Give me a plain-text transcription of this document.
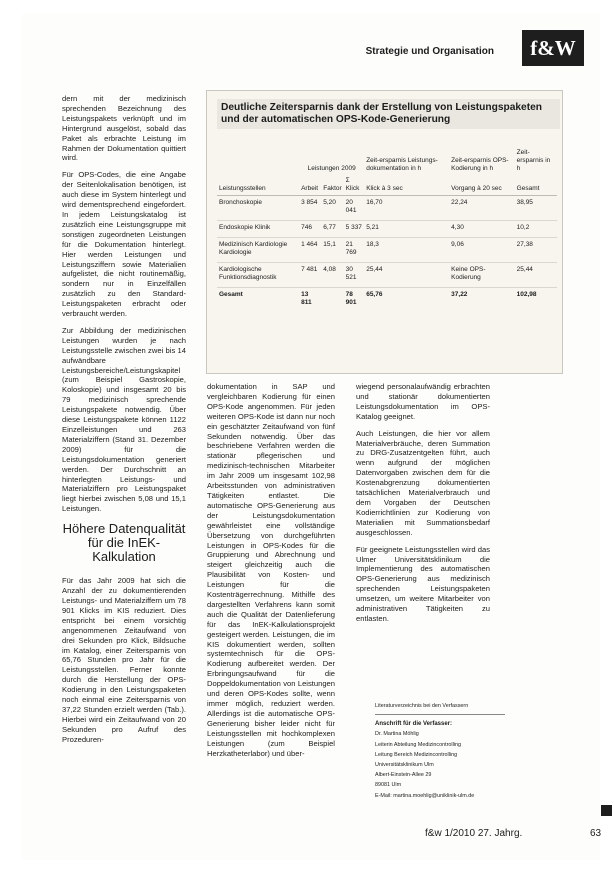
Strategie und Organisation	f&W

dern mit der medizinisch sprechenden Bezeichnung des Leistungspakets verknüpft und im Hintergrund ausgelöst, sobald das Paket als erbrachte Leistung im Rahmen der Dokumentation quittiert wird.

Für OPS-Codes, die eine Angabe der Seitenlokalisation benötigen, ist auch diese im System hinterlegt und wird dementsprechend eingefordert. In jedem Leistungskatalog ist zusätzlich eine Leistungsgruppe mit sonstigen zugeordneten Leistungen für die Dokumentation hinterlegt. Hier werden Leistungen und Leistungsziffern sowie Materialien aufgelistet, die nicht routinemäßig, sondern nur in Einzelfällen zusätzlich zu den Standard-Leistungspaketen erbracht oder verbraucht werden.

Zur Abbildung der medizinischen Leistungen wurden je nach Leistungsstelle zwischen zwei bis 14 aufwändbare Leistungsbereiche/Leistungskapitel (zum Beispiel Gastroskopie, Koloskopie) und insgesamt 20 bis 79 medizinisch sprechende Leistungspakete notwendig. Über diese Leistungspakete können 1122 Einzelleistungen und 263 Materialziffern (Stand 31. Dezember 2009) für die Leistungsdokumentation generiert werden. Der Durchschnitt an hinterlegten Leistungs- und Materialziffern pro Leistungspaket liegt hierbei zwischen 5,08 und 15,1 Leistungen.

Höhere Datenqualität für die InEK-Kalkulation

Für das Jahr 2009 hat sich die Anzahl der zu dokumentierenden Leistungs- und Materialziffern um 78 901 Klicks im KIS reduziert. Dies entspricht bei einem vorsichtig angenommenen Zeitaufwand von drei Sekunden pro Klick, Bildsuche im Katalog, einer Zeitersparnis von 65,76 Stunden pro Jahr für die Leistungsstellen. Ferner konnte durch die Herstellung der OPS-Kodierung in den Leistungspaketen noch einmal eine Zeitersparnis von 37,22 Stunden erzielt werden (Tab.). Hierbei wird ein Zeitaufwand von 20 Sekunden pro Aufruf des Prozeduren-

Deutliche Zeitersparnis dank der Erstellung von Leistungspaketen und der automatischen OPS-Kode-Generierung
	Leistungen 2009			Zeit-ersparnis Leistungs-dokumentation in h	Zeit-ersparnis OPS-Kodierung in h	Zeit-ersparnis in h
Leistungsstellen	Arbeit	Faktor	Σ Klick	Klick à 3 sec	Vorgang à 20 sec	Gesamt
Bronchoskopie	3 854	5,20	20 041	16,70	22,24	38,95
Endoskopie Klinik	746	6,77	5 337	5,21	4,30	10,2
Medizinisch Kardiologie Kardiologie	1 464	15,1	21 769	18,3	9,06	27,38
Kardiologische Funktionsdiagnostik	7 481	4,08	30 521	25,44	Keine OPS-Kodierung	25,44
Gesamt	13 811		78 901	65,76	37,22	102,98

dokumentation in SAP und vergleichbaren Kodierung für einen OPS-Kode angenommen. Für jeden weiteren OPS-Kode ist dann nur noch ein geschätzter Zeitaufwand von fünf Sekunden notwendig. Über das beschriebene Verfahren werden die stationär pflegerischen und medizinisch-technischen Mitarbeiter im Jahr 2009 um insgesamt 102,98 Arbeitsstunden von administrativen Tätigkeiten entlastet. Die automatische OPS-Generierung aus der Leistungsdokumentation gewährleistet eine vollständige Übersetzung von durchgeführten Leistungen in OPS-Kodes für die Gruppierung und Abrechnung und steigert gleichzeitig auch die Plausibilität von Kosten- und Leistungen für die Kostenträgerrechnung. Mithilfe des dargestellten Verfahrens kann somit auch die Qualität der Datenlieferung für das InEK-Kalkulationsprojekt gesteigert werden. Leistungen, die im KIS dokumentiert werden, sollten systemtechnisch für die OPS-Kodierung aufbereitet werden. Der Erbringungsaufwand für die Doppeldokumentation von Leistungen und deren OPS-Kodes sollte, wenn immer möglich, reduziert werden. Allerdings ist die automatische OPS-Generierung bisher leider nicht für Leistungsstellen mit hochkomplexen Leistungen (zum Beispiel Herzkatheterlabor) und über-

wiegend personalaufwändig erbrachten und stationär dokumentierten Leistungsdokumentation im OPS-Katalog geeignet.

Auch Leistungen, die hier vor allem Materialverbräuche, deren Summation zu DRG-Zusatzentgelten führt, auch wenn aufgrund der möglichen Datenvorgaben zwischen dem für die Kostenabgrenzung dokumentierten tatsächlichen Materialverbrauch und dem Vorgaben der Deutschen Kodierrichtlinien zur Kodierung von Materialien mit Summationsbedarf ausgeschlossen.

Für geeignete Leistungsstellen wird das Ulmer Universitätsklinikum die Implementierung des automatischen OPS-Generierung aus medizinisch sprechenden Leistungspaketen umsetzen, um weitere Mitarbeiter von administrativen Tätigkeiten zu entlasten.

Literaturverzeichnis bei den Verfassern

Anschrift für die Verfasser:

Dr. Martina Möhlig

Leiterin Abteilung Medizincontrolling

Leitung Bereich Medizincontrolling

Universitätsklinikum Ulm

Albert-Einstein-Allee 29

89081 Ulm

E-Mail: martina.moehlig@uniklinik-ulm.de

f&w 1/2010 27. Jahrg.	63
